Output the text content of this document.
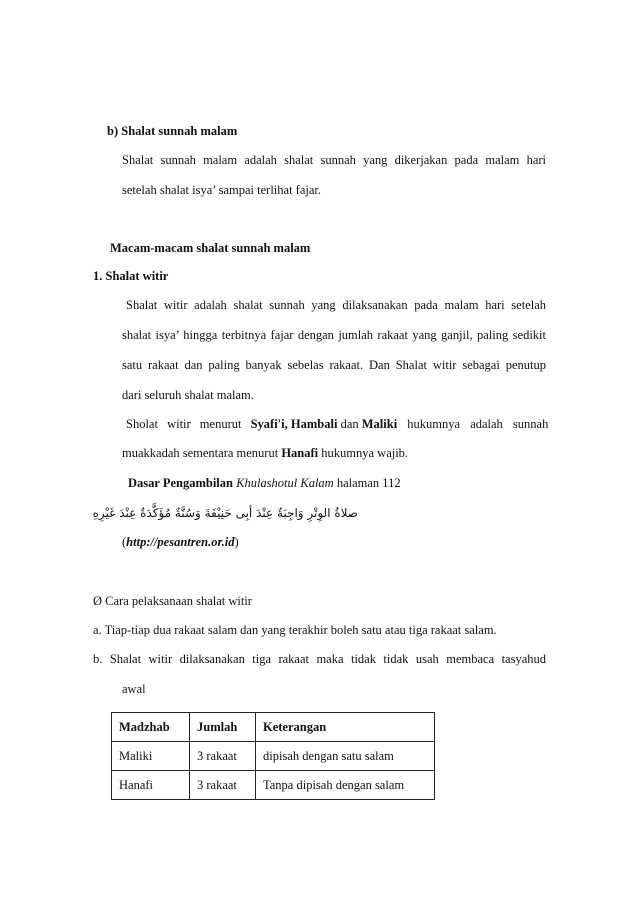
b) Shalat sunnah malam
Shalat sunnah malam adalah shalat sunnah yang dikerjakan pada malam hari
setelah shalat isya’ sampai terlihat fajar.
Macam-macam shalat sunnah malam
1. Shalat witir
Shalat witir adalah shalat sunnah yang dilaksanakan pada malam hari setelah
shalat isya’ hingga terbitnya fajar dengan jumlah rakaat yang ganjil, paling sedikit
satu rakaat dan paling banyak sebelas rakaat. Dan Shalat witir sebagai penutup
dari seluruh shalat malam.
Sholat witir menurut Syafi'i, Hambali dan Maliki hukumnya adalah sunnah
muakkadah sementara menurut Hanafi hukumnya wajib.
Dasar Pengambilan Khulashotul Kalam halaman 112
صلاةُ الوِتْرِ وَاجِبَةٌ عِنْدَ أبِى حَنِيْفَةَ وَسُنَّةٌ مُؤَكَّدَةٌ عِنْدَ غَيْرِهِ
(http://pesantren.or.id)
Ø Cara pelaksanaan shalat witir
a. Tiap-tiap dua rakaat salam dan yang terakhir boleh satu atau tiga rakaat salam.
b. Shalat witir dilaksanakan tiga rakaat maka tidak tidak usah membaca tasyahud
awal
Madzhab	Jumlah	Keterangan
Maliki	3 rakaat	dipisah dengan satu salam
Hanafi	3 rakaat	Tanpa dipisah dengan salam
